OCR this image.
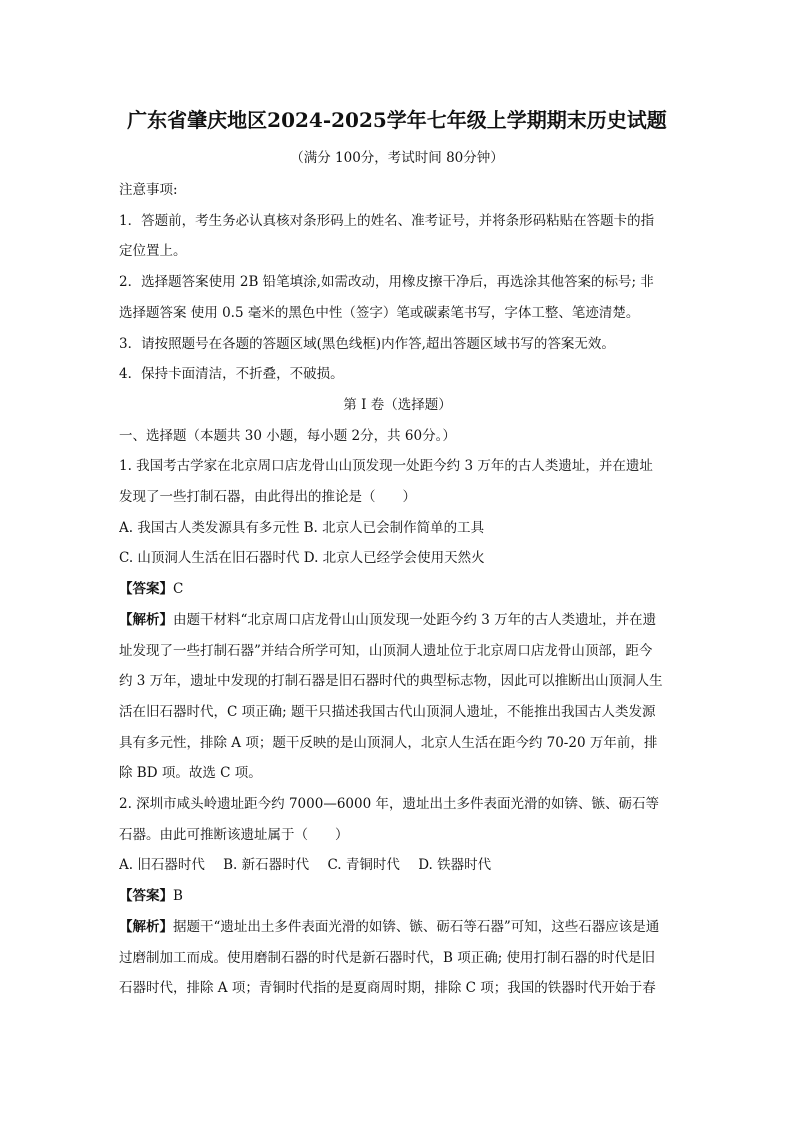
广东省肇庆地区2024-2025学年七年级上学期期末历史试题
（满分 100分，考试时间 80分钟）
注意事项:
1．答题前，考生务必认真核对条形码上的姓名、准考证号，并将条形码粘贴在答题卡的指
定位置上。
2．选择题答案使用 2B 铅笔填涂,如需改动，用橡皮擦干净后，再选涂其他答案的标号; 非
选择题答案 使用 0.5 毫米的黑色中性（签字）笔或碳素笔书写，字体工整、笔迹清楚。
3．请按照题号在各题的答题区域(黑色线框)内作答,超出答题区域书写的答案无效。
4．保持卡面清洁，不折叠，不破损。
第 I 卷（选择题）
一、选择题（本题共 30 小题，每小题 2分，共 60分。）
1. 我国考古学家在北京周口店龙骨山山顶发现一处距今约 3 万年的古人类遗址，并在遗址
发现了一些打制石器，由此得出的推论是（　　）
A. 我国古人类发源具有多元性 B. 北京人已会制作简单的工具
C. 山顶洞人生活在旧石器时代 D. 北京人已经学会使用天然火
【答案】C
【解析】由题干材料“北京周口店龙骨山山顶发现一处距今约 3 万年的古人类遗址，并在遗
址发现了一些打制石器”并结合所学可知，山顶洞人遗址位于北京周口店龙骨山顶部，距今
约 3 万年，遗址中发现的打制石器是旧石器时代的典型标志物，因此可以推断出山顶洞人生
活在旧石器时代，C 项正确; 题干只描述我国古代山顶洞人遗址，不能推出我国古人类发源
具有多元性，排除 A 项；题干反映的是山顶洞人，北京人生活在距今约 70-20 万年前，排
除 BD 项。故选 C 项。
2. 深圳市咸头岭遗址距今约 7000—6000 年，遗址出土多件表面光滑的如锛、镞、砺石等
石器。由此可推断该遗址属于（　　）
A. 旧石器时代 B. 新石器时代 C. 青铜时代 D. 铁器时代
【答案】B
【解析】据题干“遗址出土多件表面光滑的如锛、镞、砺石等石器”可知，这些石器应该是通
过磨制加工而成。使用磨制石器的时代是新石器时代，B 项正确; 使用打制石器的时代是旧
石器时代，排除 A 项；青铜时代指的是夏商周时期，排除 C 项；我国的铁器时代开始于春
